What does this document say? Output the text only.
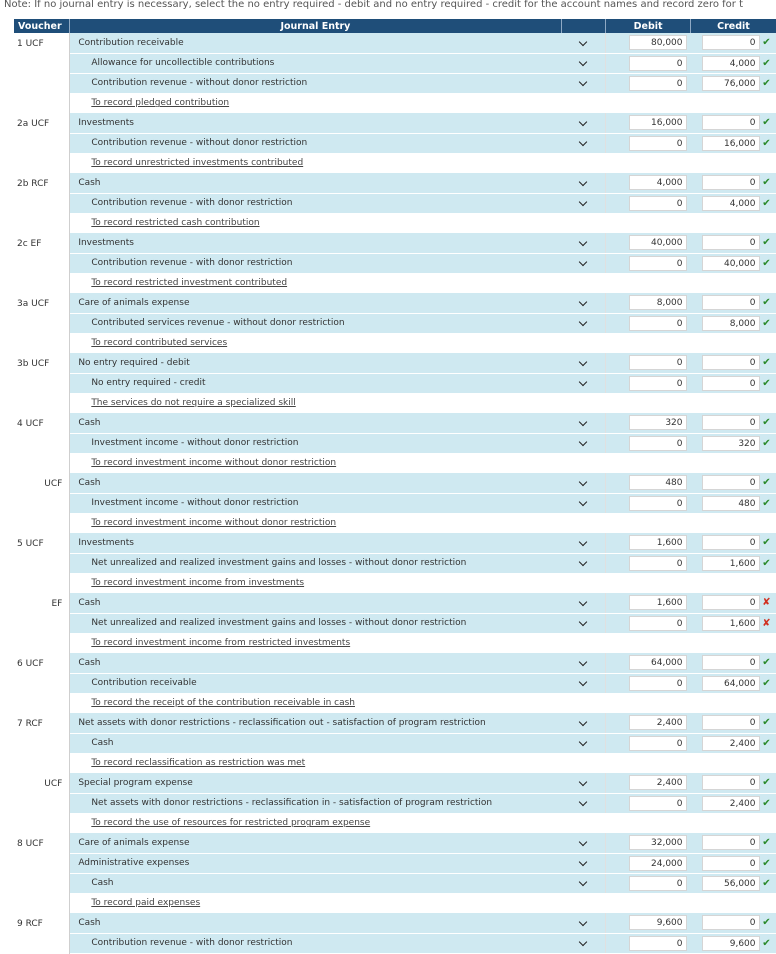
Note: If no journal entry is necessary, select the no entry required - debit and no entry required - credit for the account names and record zero for t
Voucher	Journal Entry		Debit	Credit
1 UCF	Contribution receivable		80,000	0 ✔
	Allowance for uncollectible contributions		0	4,000 ✔
	Contribution revenue - without donor restriction		0	76,000 ✔
	To record pledged contribution			
2a UCF	Investments		16,000	0 ✔
	Contribution revenue - without donor restriction		0	16,000 ✔
	To record unrestricted investments contributed			
2b RCF	Cash		4,000	0 ✔
	Contribution revenue - with donor restriction		0	4,000 ✔
	To record restricted cash contribution			
2c EF	Investments		40,000	0 ✔
	Contribution revenue - with donor restriction		0	40,000 ✔
	To record restricted investment contributed			
3a UCF	Care of animals expense		8,000	0 ✔
	Contributed services revenue - without donor restriction		0	8,000 ✔
	To record contributed services			
3b UCF	No entry required - debit		0	0 ✔
	No entry required - credit		0	0 ✔
	The services do not require a specialized skill			
4 UCF	Cash		320	0 ✔
	Investment income - without donor restriction		0	320 ✔
	To record investment income without donor restriction			
UCF	Cash		480	0 ✔
	Investment income - without donor restriction		0	480 ✔
	To record investment income without donor restriction			
5 UCF	Investments		1,600	0 ✔
	Net unrealized and realized investment gains and losses - without donor restriction		0	1,600 ✔
	To record investment income from investments			
EF	Cash		1,600	0 ✘
	Net unrealized and realized investment gains and losses - without donor restriction		0	1,600 ✘
	To record investment income from restricted investments			
6 UCF	Cash		64,000	0 ✔
	Contribution receivable		0	64,000 ✔
	To record the receipt of the contribution receivable in cash			
7 RCF	Net assets with donor restrictions - reclassification out - satisfaction of program restriction		2,400	0 ✔
	Cash		0	2,400 ✔
	To record reclassification as restriction was met			
UCF	Special program expense		2,400	0 ✔
	Net assets with donor restrictions - reclassification in - satisfaction of program restriction		0	2,400 ✔
	To record the use of resources for restricted program expense			
8 UCF	Care of animals expense		32,000	0 ✔
	Administrative expenses		24,000	0 ✔
	Cash		0	56,000 ✔
	To record paid expenses			
9 RCF	Cash		9,600	0 ✔
	Contribution revenue - with donor restriction		0	9,600 ✔
